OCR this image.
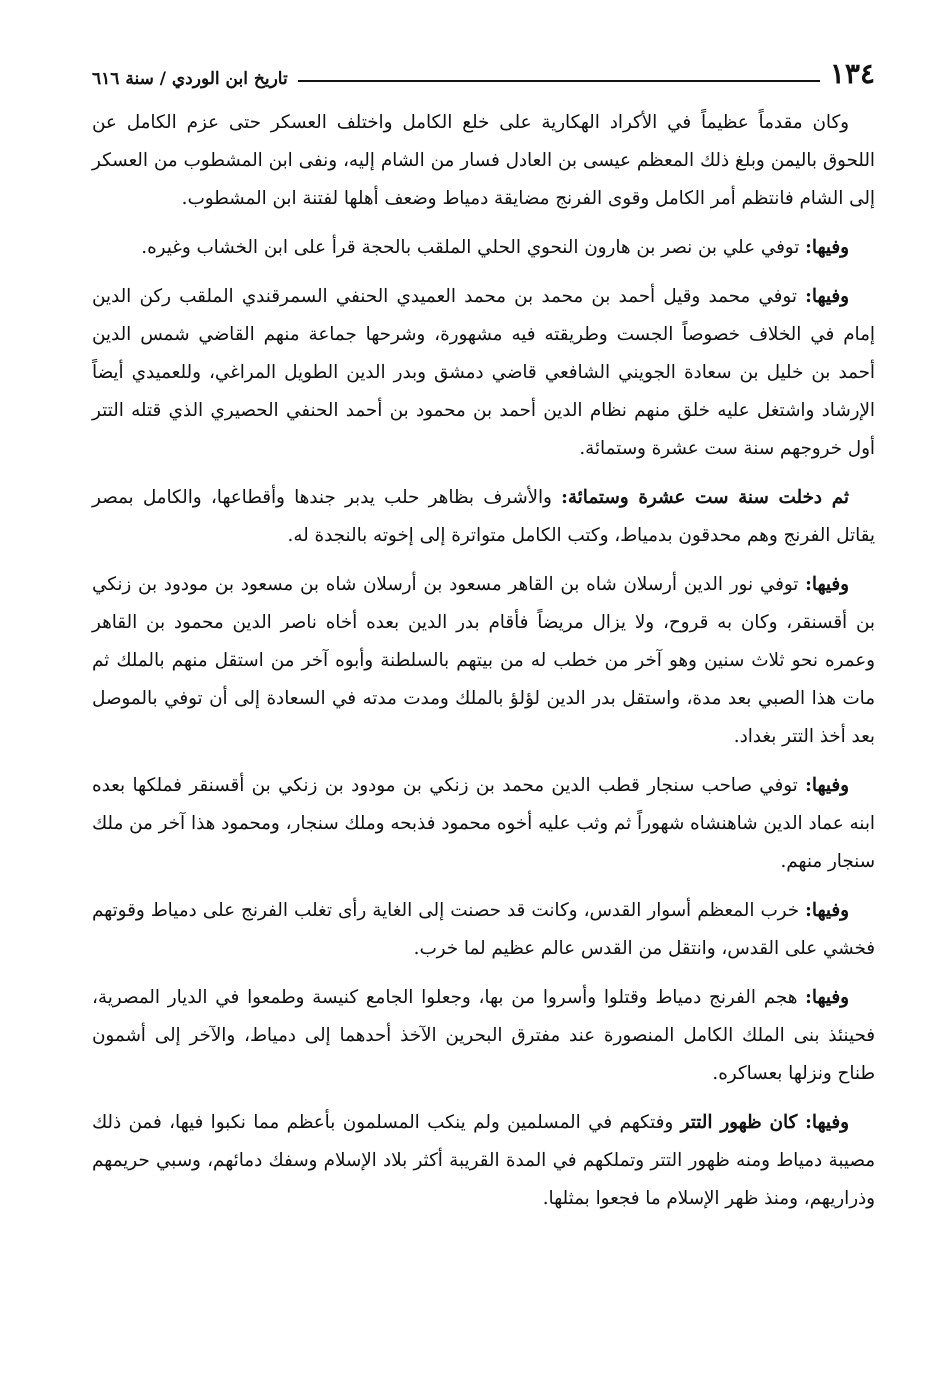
١٣٤
تاريخ ابن الوردي / سنة ٦١٦

وكان مقدماً عظيماً في الأكراد الهكارية على خلع الكامل واختلف العسكر حتى عزم الكامل عن اللحوق باليمن وبلغ ذلك المعظم عيسى بن العادل فسار من الشام إليه، ونفى ابن المشطوب من العسكر إلى الشام فانتظم أمر الكامل وقوى الفرنج مضايقة دمياط وضعف أهلها لفتنة ابن المشطوب.

وفيها: توفي علي بن نصر بن هارون النحوي الحلي الملقب بالحجة قرأ على ابن الخشاب وغيره.

وفيها: توفي محمد وقيل أحمد بن محمد بن محمد العميدي الحنفي السمرقندي الملقب ركن الدين إمام في الخلاف خصوصاً الجست وطريقته فيه مشهورة، وشرحها جماعة منهم القاضي شمس الدين أحمد بن خليل بن سعادة الجويني الشافعي قاضي دمشق وبدر الدين الطويل المراغي، وللعميدي أيضاً الإرشاد واشتغل عليه خلق منهم نظام الدين أحمد بن محمود بن أحمد الحنفي الحصيري الذي قتله التتر أول خروجهم سنة ست عشرة وستمائة.

ثم دخلت سنة ست عشرة وستمائة: والأشرف بظاهر حلب يدبر جندها وأقطاعها، والكامل بمصر يقاتل الفرنج وهم محدقون بدمياط، وكتب الكامل متواترة إلى إخوته بالنجدة له.

وفيها: توفي نور الدين أرسلان شاه بن القاهر مسعود بن أرسلان شاه بن مسعود بن مودود بن زنكي بن أقسنقر، وكان به قروح، ولا يزال مريضاً فأقام بدر الدين بعده أخاه ناصر الدين محمود بن القاهر وعمره نحو ثلاث سنين وهو آخر من خطب له من بيتهم بالسلطنة وأبوه آخر من استقل منهم بالملك ثم مات هذا الصبي بعد مدة، واستقل بدر الدين لؤلؤ بالملك ومدت مدته في السعادة إلى أن توفي بالموصل بعد أخذ التتر بغداد.

وفيها: توفي صاحب سنجار قطب الدين محمد بن زنكي بن مودود بن زنكي بن أقسنقر فملكها بعده ابنه عماد الدين شاهنشاه شهوراً ثم وثب عليه أخوه محمود فذبحه وملك سنجار، ومحمود هذا آخر من ملك سنجار منهم.

وفيها: خرب المعظم أسوار القدس، وكانت قد حصنت إلى الغاية رأى تغلب الفرنج على دمياط وقوتهم فخشي على القدس، وانتقل من القدس عالم عظيم لما خرب.

وفيها: هجم الفرنج دمياط وقتلوا وأسروا من بها، وجعلوا الجامع كنيسة وطمعوا في الديار المصرية، فحينئذ بنى الملك الكامل المنصورة عند مفترق البحرين الآخذ أحدهما إلى دمياط، والآخر إلى أشمون طناح ونزلها بعساكره.

وفيها: كان ظهور التتر وفتكهم في المسلمين ولم ينكب المسلمون بأعظم مما نكبوا فيها، فمن ذلك مصيبة دمياط ومنه ظهور التتر وتملكهم في المدة القريبة أكثر بلاد الإسلام وسفك دمائهم، وسبي حريمهم وذراريهم، ومنذ ظهر الإسلام ما فجعوا بمثلها.
